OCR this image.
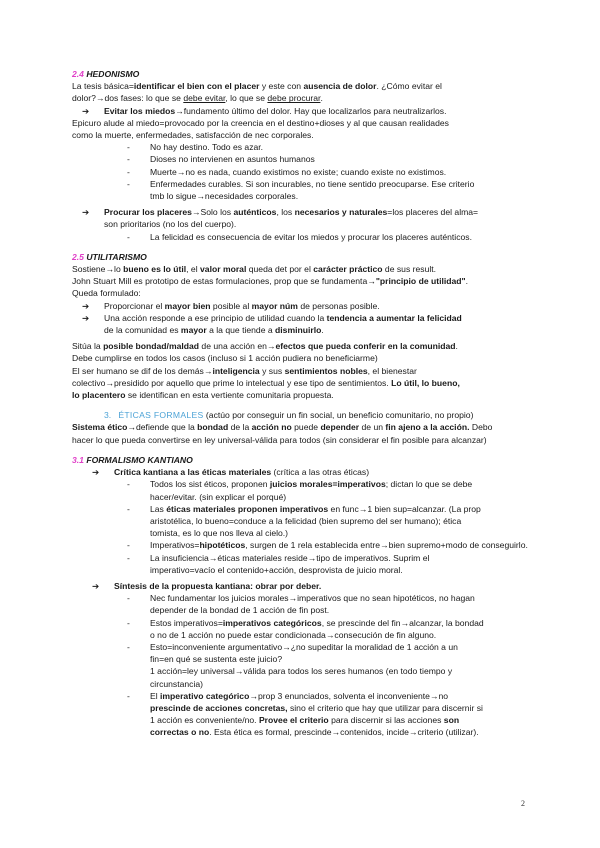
2.4 HEDONISMO

La tesis básica=identificar el bien con el placer y este con ausencia de dolor. ¿Cómo evitar el

dolor?→dos fases: lo que se debe evitar, lo que se debe procurar.

➔	Evitar los miedos→fundamento último del dolor. Hay que localizarlos para neutralizarlos.

Epicuro alude al miedo=provocado por la creencia en el destino+dioses y al que causan realidades

como la muerte, enfermedades, satisfacción de nec corporales.

- No hay destino. Todo es azar.
- Dioses no intervienen en asuntos humanos
- Muerte→no es nada, cuando existimos no existe; cuando existe no existimos.
- Enfermedades curables. Si son incurables, no tiene sentido preocuparse. Ese criterio
tmb lo sigue→necesidades corporales.
➔	Procurar los placeres→Solo los auténticos, los necesarios y naturales=los placeres del alma=
son prioritarios (no los del cuerpo).
- La felicidad es consecuencia de evitar los miedos y procurar los placeres auténticos.

2.5 UTILITARISMO

Sostiene→lo bueno es lo útil, el valor moral queda det por el carácter práctico de sus result.

John Stuart Mill es prototipo de estas formulaciones, prop que se fundamenta→"principio de utilidad".

Queda formulado:

➔	Proporcionar el mayor bien posible al mayor núm de personas posible.
➔	Una acción responde a ese principio de utilidad cuando la tendencia a aumentar la felicidad
de la comunidad es mayor a la que tiende a disminuirlo.

Sitúa la posible bondad/maldad de una acción en→efectos que pueda conferir en la comunidad.

Debe cumplirse en todos los casos (incluso si 1 acción pudiera no beneficiarme)

El ser humano se dif de los demás→inteligencia y sus sentimientos nobles, el bienestar

colectivo→presidido por aquello que prime lo intelectual y ese tipo de sentimientos. Lo útil, lo bueno,

lo placentero se identifican en esta vertiente comunitaria propuesta.

3. ÉTICAS FORMALES (actúo por conseguir un fin social, un beneficio comunitario, no propio)

Sistema ético→defiende que la bondad de la acción no puede depender de un fin ajeno a la acción. Debo

hacer lo que pueda convertirse en ley universal-válida para todos (sin considerar el fin posible para alcanzar)

3.1 FORMALISMO KANTIANO

➔	Crítica kantiana a las éticas materiales (crítica a las otras éticas)
- Todos los sist éticos, proponen juicios morales=imperativos; dictan lo que se debe
hacer/evitar. (sin explicar el porqué)
- Las éticas materiales proponen imperativos en func→1 bien sup=alcanzar. (La prop
aristotélica, lo bueno=conduce a la felicidad (bien supremo del ser humano); ética
tomista, es lo que nos lleva al cielo.)
- Imperativos=hipotéticos, surgen de 1 rela establecida entre→bien supremo+modo de conseguirlo.
- La insuficiencia→éticas materiales reside→tipo de imperativos. Suprim el
imperativo=vacío el contenido+acción, desprovista de juicio moral.
➔	Síntesis de la propuesta kantiana: obrar por deber.
- Nec fundamentar los juicios morales→imperativos que no sean hipotéticos, no hagan
depender de la bondad de 1 acción de fin post.
- Estos imperativos=imperativos categóricos, se prescinde del fin→alcanzar, la bondad
o no de 1 acción no puede estar condicionada→consecución de fin alguno.
- Esto=inconveniente argumentativo→¿no supeditar la moralidad de 1 acción a un
fin=en qué se sustenta este juicio?
1 acción=ley universal→válida para todos los seres humanos (en todo tiempo y
circunstancia)
- El imperativo categórico→prop 3 enunciados, solventa el inconveniente→no
prescinde de acciones concretas, sino el criterio que hay que utilizar para discernir si
1 acción es conveniente/no. Provee el criterio para discernir si las acciones son
correctas o no. Esta ética es formal, prescinde→contenidos, incide→criterio (utilizar).
2
